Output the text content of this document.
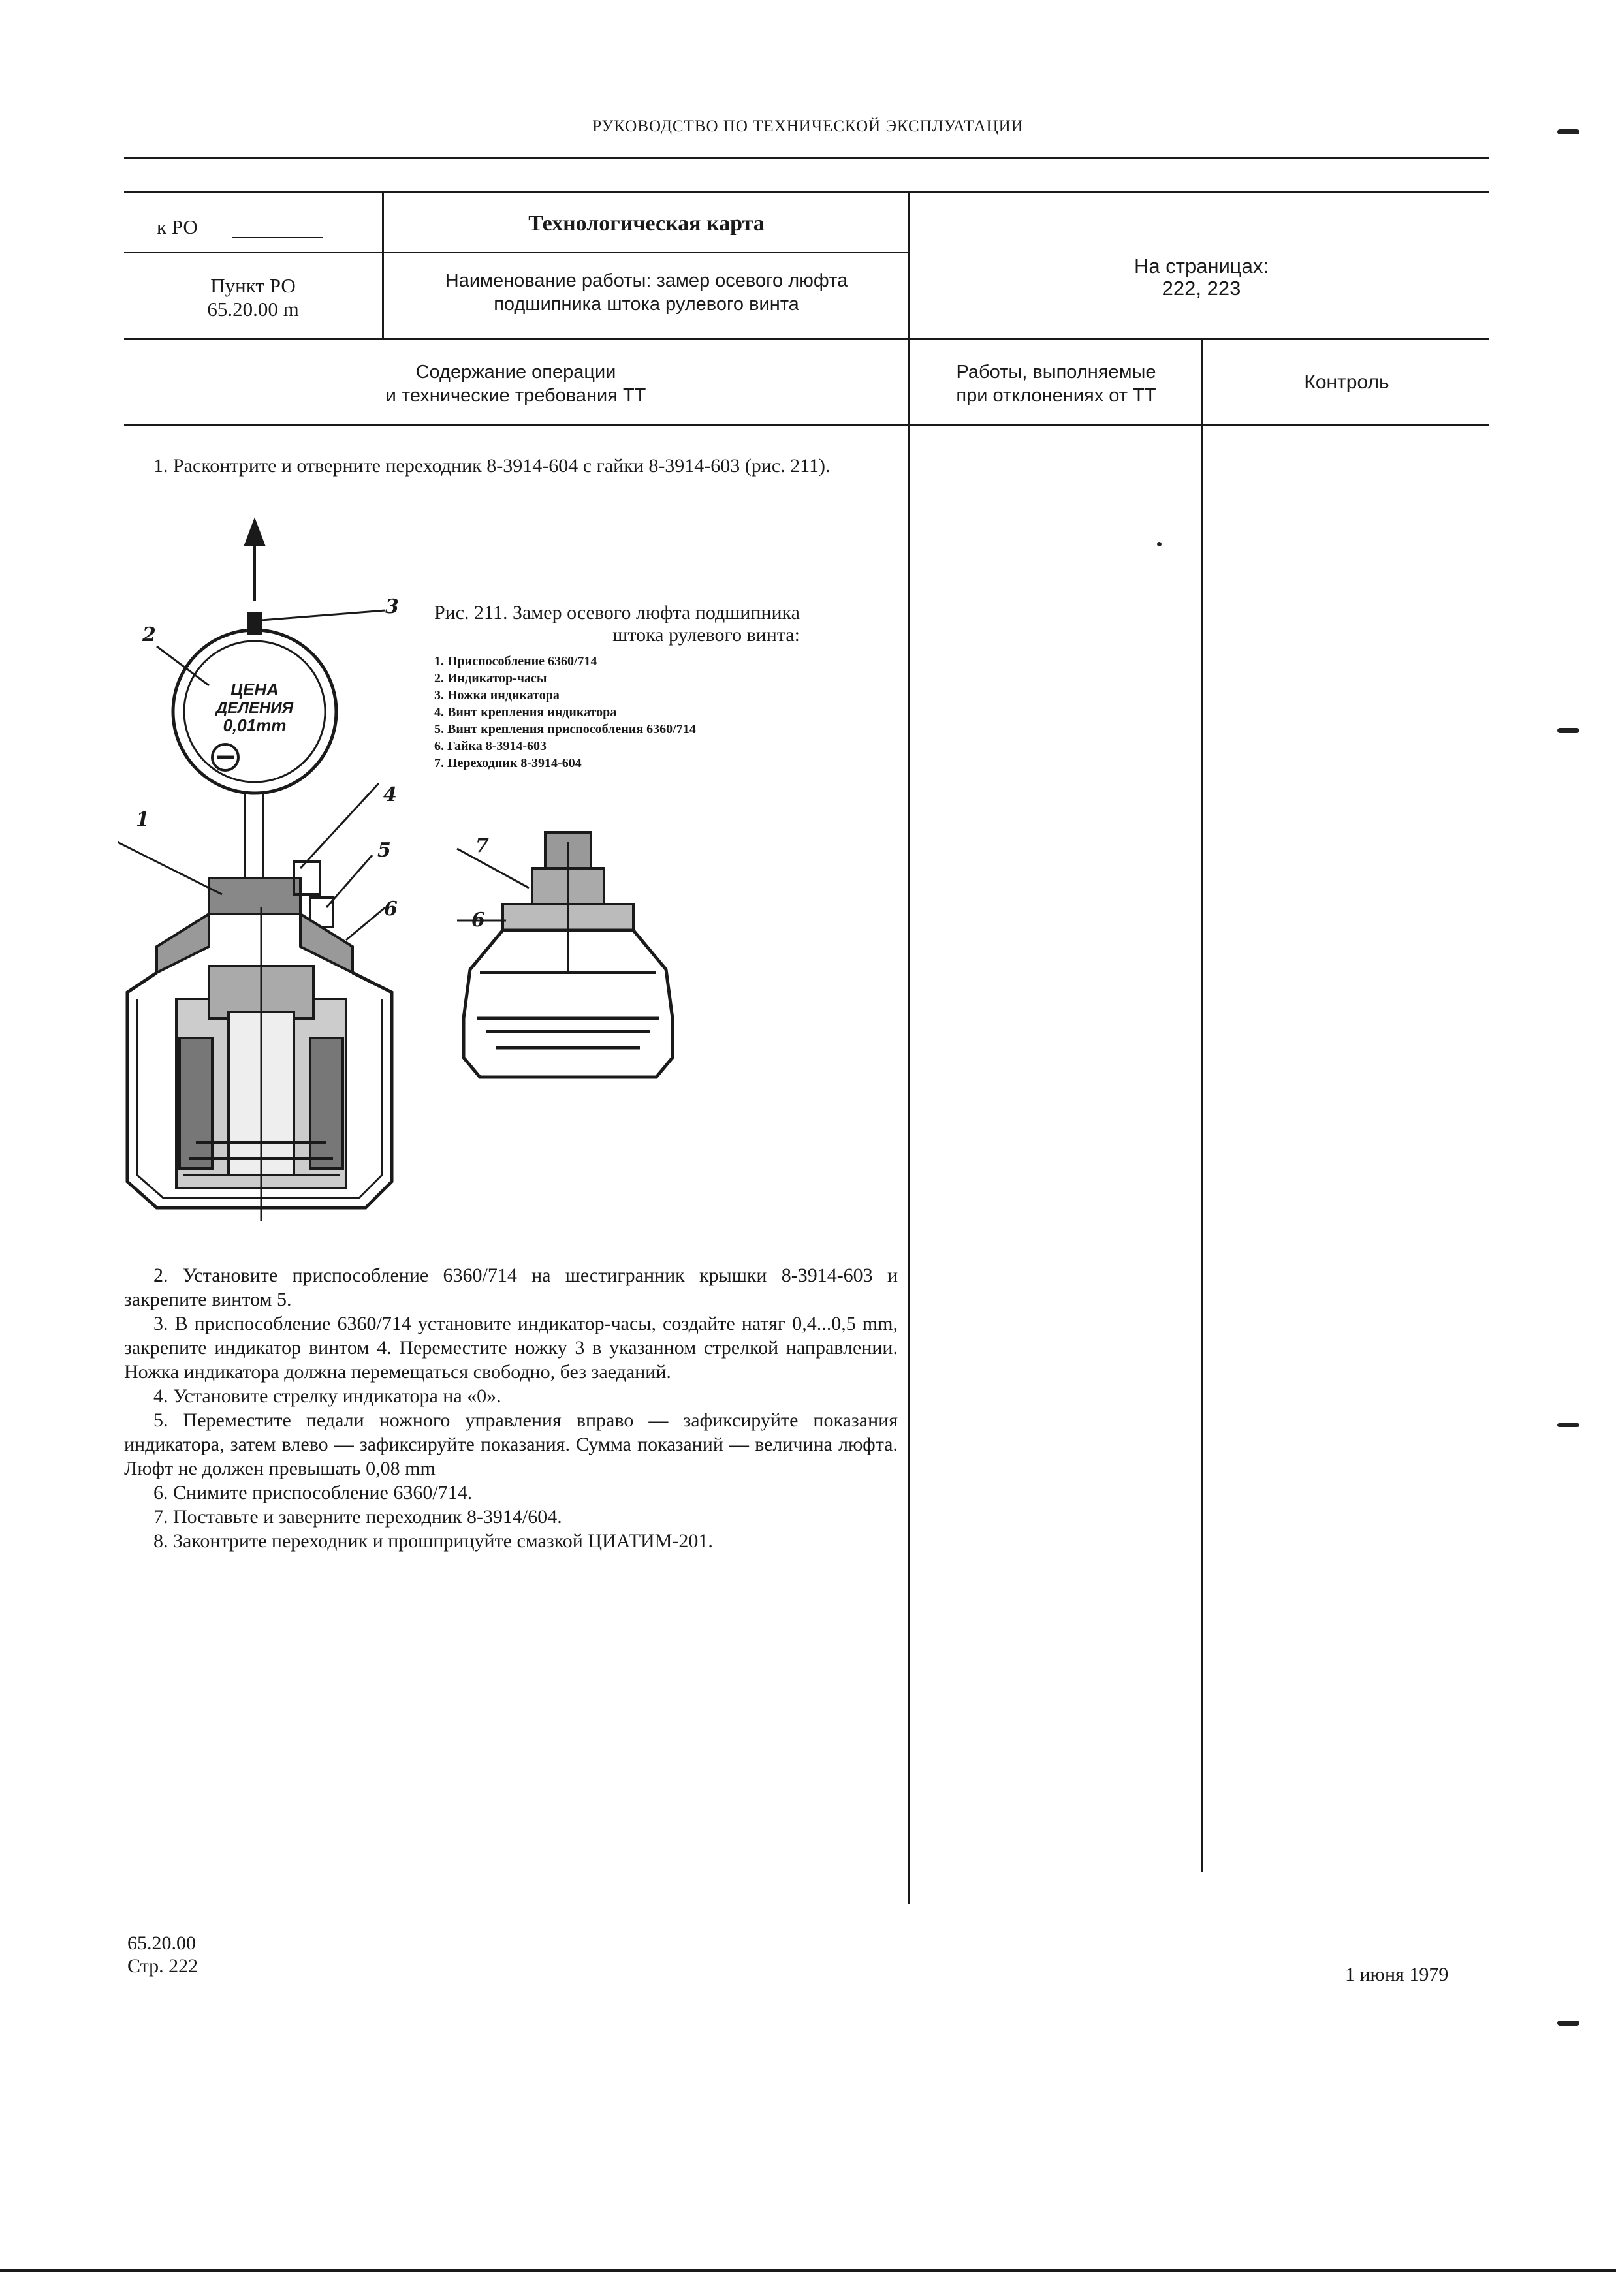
РУКОВОДСТВО ПО ТЕХНИЧЕСКОЙ ЭКСПЛУАТАЦИИ
к РО	Технологическая карта
Пункт РО
65.20.00 m
Наименование работы: замер осевого люфта
подшипника штока рулевого винта
На страницах:
222, 223
Содержание операции
и технические требования ТТ
Работы, выполняемые
при отклонениях от ТТ
Контроль
1. Расконтрите и отверните переходник 8-3914-604 с гайки 8-3914-603 (рис. 211).
ЦЕНА
ДЕЛЕНИЯ
0,01mm
3
2
4
1
5
6
Рис. 211. Замер осевого люфта подшипника
штока рулевого винта:
1. Приспособление 6360/714
2. Индикатор-часы
3. Ножка индикатора
4. Винт крепления индикатора
5. Винт крепления приспособления 6360/714
6. Гайка 8-3914-603
7. Переходник 8-3914-604
7
6
2. Установите приспособление 6360/714 на шестигранник крышки 8-3914-603 и закрепите винтом 5.
3. В приспособление 6360/714 установите индикатор-часы, создайте натяг 0,4...0,5 mm, закрепите индикатор винтом 4. Переместите ножку 3 в указанном стрелкой направлении. Ножка индикатора должна перемещаться свободно, без заеданий.
4. Установите стрелку индикатора на «0».
5. Переместите педали ножного управления вправо — зафиксируйте показания индикатора, затем влево — зафиксируйте показания. Сумма показаний — величина люфта. Люфт не должен превышать 0,08 mm
6. Снимите приспособление 6360/714.
7. Поставьте и заверните переходник 8-3914/604.
8. Законтрите переходник и прошприцуйте смазкой ЦИАТИМ-201.
65.20.00
Стр. 222	1 июня 1979
